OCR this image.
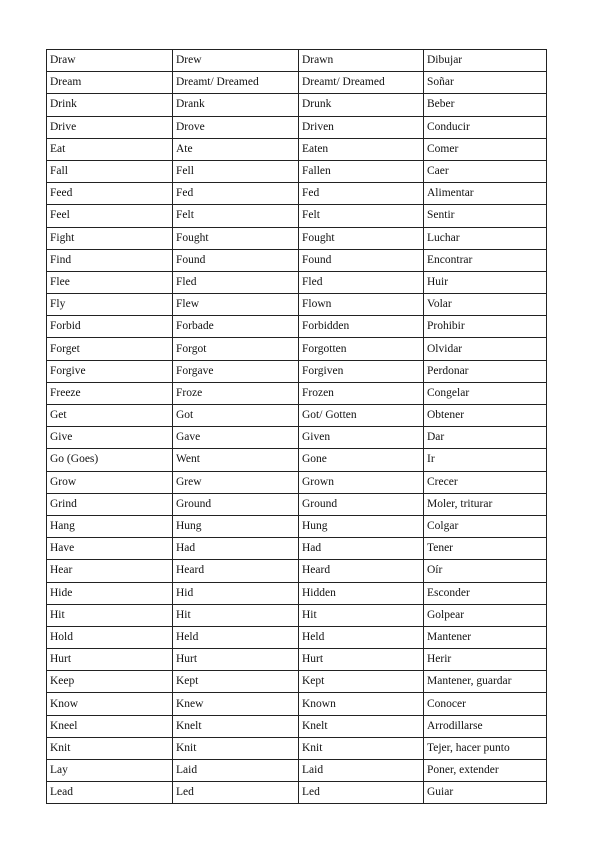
Draw	Drew	Drawn	Dibujar
Dream	Dreamt/ Dreamed	Dreamt/ Dreamed	Soñar
Drink	Drank	Drunk	Beber
Drive	Drove	Driven	Conducir
Eat	Ate	Eaten	Comer
Fall	Fell	Fallen	Caer
Feed	Fed	Fed	Alimentar
Feel	Felt	Felt	Sentir
Fight	Fought	Fought	Luchar
Find	Found	Found	Encontrar
Flee	Fled	Fled	Huir
Fly	Flew	Flown	Volar
Forbid	Forbade	Forbidden	Prohibir
Forget	Forgot	Forgotten	Olvidar
Forgive	Forgave	Forgiven	Perdonar
Freeze	Froze	Frozen	Congelar
Get	Got	Got/ Gotten	Obtener
Give	Gave	Given	Dar
Go (Goes)	Went	Gone	Ir
Grow	Grew	Grown	Crecer
Grind	Ground	Ground	Moler, triturar
Hang	Hung	Hung	Colgar
Have	Had	Had	Tener
Hear	Heard	Heard	Oír
Hide	Hid	Hidden	Esconder
Hit	Hit	Hit	Golpear
Hold	Held	Held	Mantener
Hurt	Hurt	Hurt	Herir
Keep	Kept	Kept	Mantener, guardar
Know	Knew	Known	Conocer
Kneel	Knelt	Knelt	Arrodillarse
Knit	Knit	Knit	Tejer, hacer punto
Lay	Laid	Laid	Poner, extender
Lead	Led	Led	Guiar
